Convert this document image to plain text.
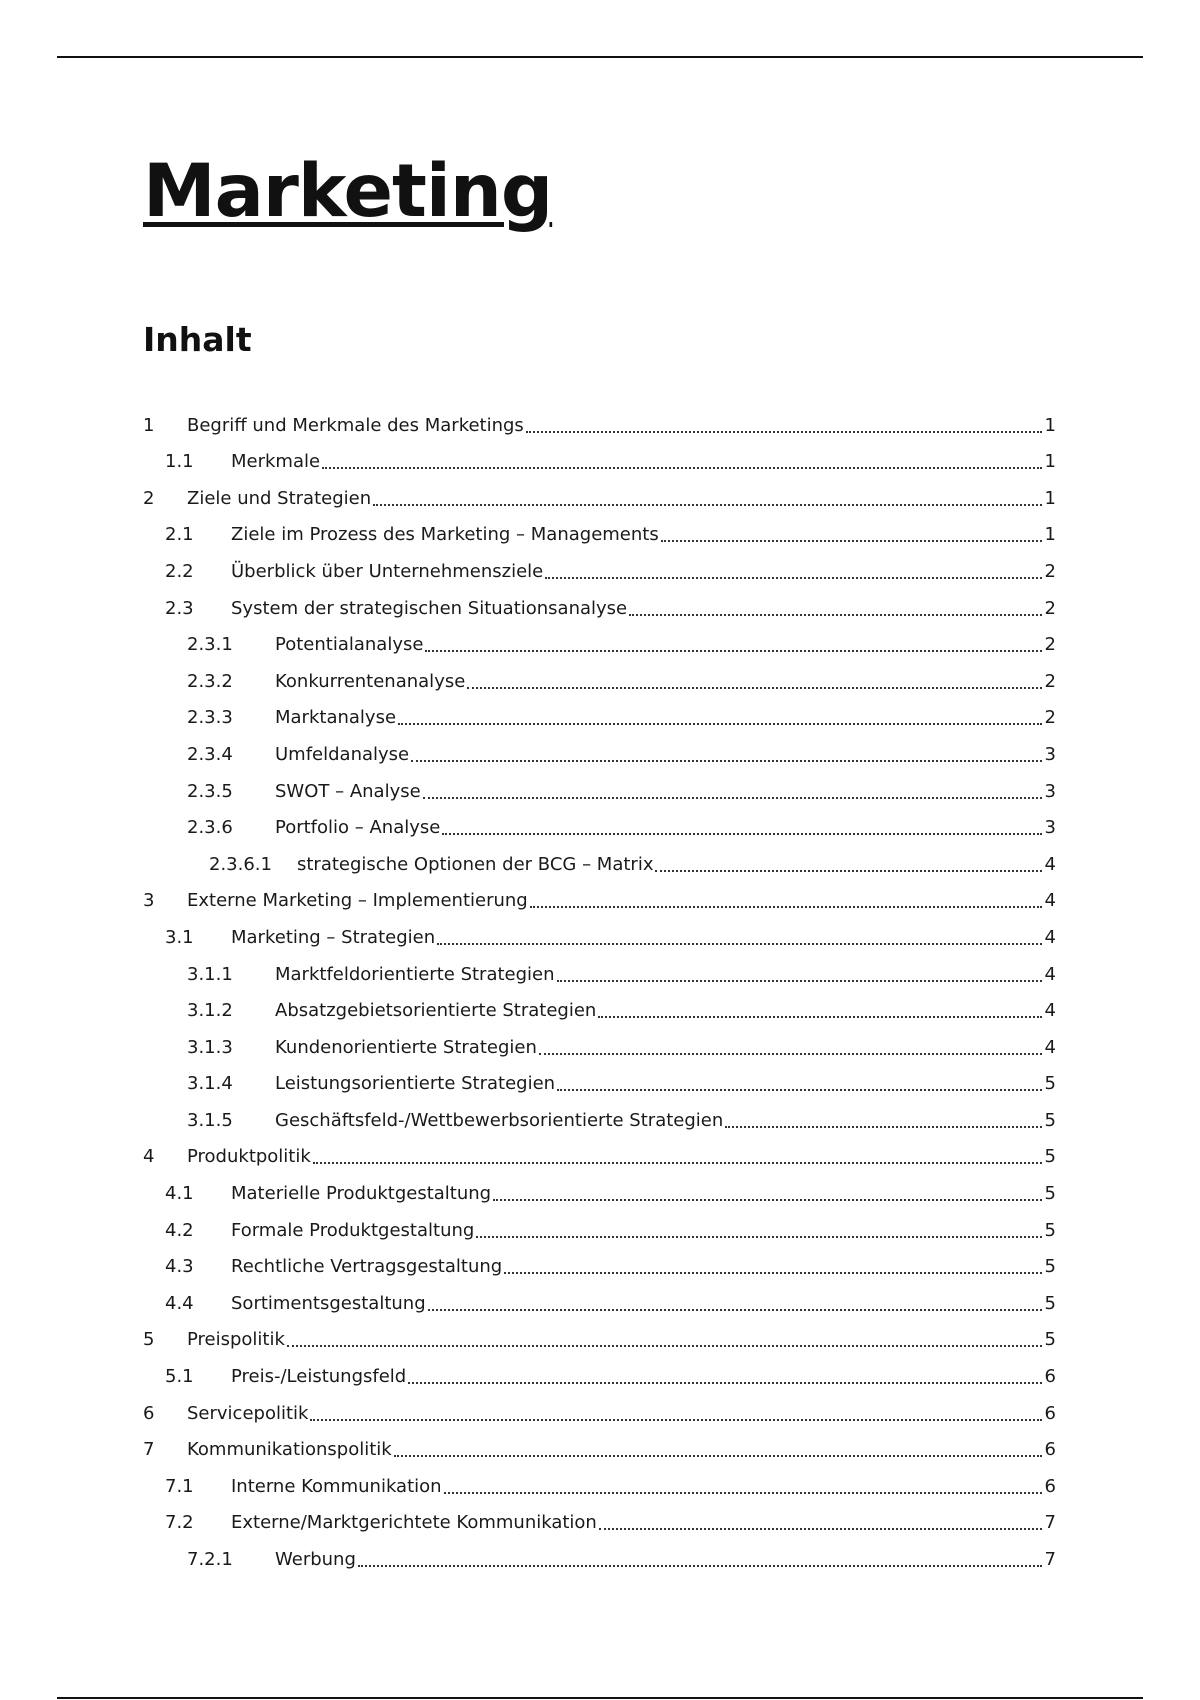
Marketing
Inhalt
1	Begriff und Merkmale des Marketings	1
1.1	Merkmale	1
2	Ziele und Strategien	1
2.1	Ziele im Prozess des Marketing – Managements	1
2.2	Überblick über Unternehmensziele	2
2.3	System der strategischen Situationsanalyse	2
2.3.1	Potentialanalyse	2
2.3.2	Konkurrentenanalyse	2
2.3.3	Marktanalyse	2
2.3.4	Umfeldanalyse	3
2.3.5	SWOT – Analyse	3
2.3.6	Portfolio – Analyse	3
2.3.6.1	strategische Optionen der BCG – Matrix	4
3	Externe Marketing – Implementierung	4
3.1	Marketing – Strategien	4
3.1.1	Marktfeldorientierte Strategien	4
3.1.2	Absatzgebietsorientierte Strategien	4
3.1.3	Kundenorientierte Strategien	4
3.1.4	Leistungsorientierte Strategien	5
3.1.5	Geschäftsfeld-/Wettbewerbsorientierte Strategien	5
4	Produktpolitik	5
4.1	Materielle Produktgestaltung	5
4.2	Formale Produktgestaltung	5
4.3	Rechtliche Vertragsgestaltung	5
4.4	Sortimentsgestaltung	5
5	Preispolitik	5
5.1	Preis-/Leistungsfeld	6
6	Servicepolitik	6
7	Kommunikationspolitik	6
7.1	Interne Kommunikation	6
7.2	Externe/Marktgerichtete Kommunikation	7
7.2.1	Werbung	7
